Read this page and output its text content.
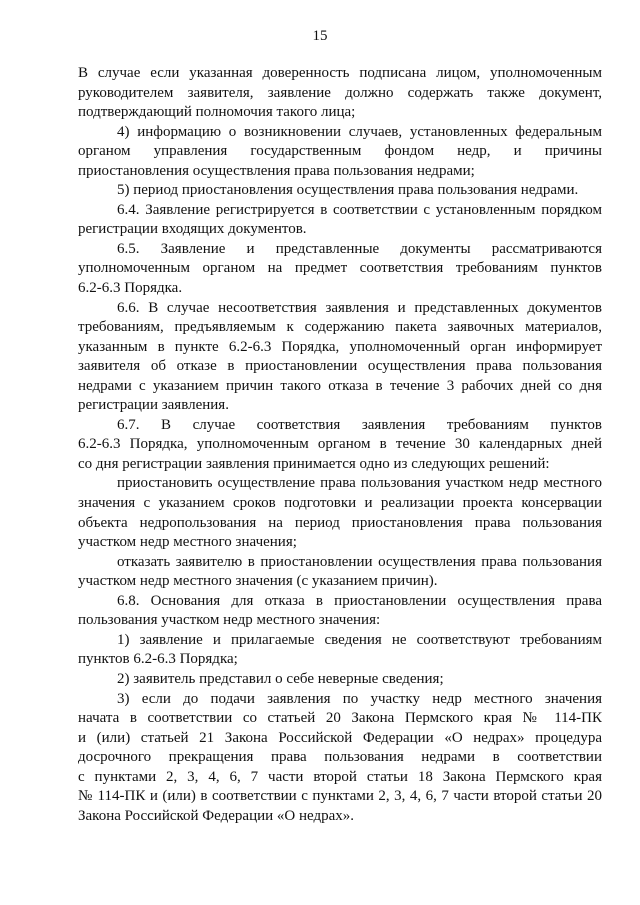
15
В случае если указанная доверенность подписана лицом, уполномоченным
руководителем заявителя, заявление должно содержать также документ,
подтверждающий полномочия такого лица;
4) информацию о возникновении случаев, установленных федеральным
органом управления государственным фондом недр, и причины
приостановления осуществления права пользования недрами;
5) период приостановления осуществления права пользования недрами.
6.4. Заявление регистрируется в соответствии с установленным порядком
регистрации входящих документов.
6.5. Заявление и представленные документы рассматриваются
уполномоченным органом на предмет соответствия требованиям пунктов
6.2-6.3 Порядка.
6.6. В случае несоответствия заявления и представленных документов
требованиям, предъявляемым к содержанию пакета заявочных материалов,
указанным в пункте 6.2-6.3 Порядка, уполномоченный орган информирует
заявителя об отказе в приостановлении осуществления права пользования
недрами с указанием причин такого отказа в течение 3 рабочих дней со дня
регистрации заявления.
6.7. В случае соответствия заявления требованиям пунктов
6.2-6.3 Порядка, уполномоченным органом в течение 30 календарных дней
со дня регистрации заявления принимается одно из следующих решений:
приостановить осуществление права пользования участком недр местного
значения с указанием сроков подготовки и реализации проекта консервации
объекта недропользования на период приостановления права пользования
участком недр местного значения;
отказать заявителю в приостановлении осуществления права пользования
участком недр местного значения (с указанием причин).
6.8. Основания для отказа в приостановлении осуществления права
пользования участком недр местного значения:
1) заявление и прилагаемые сведения не соответствуют требованиям
пунктов 6.2-6.3 Порядка;
2) заявитель представил о себе неверные сведения;
3) если до подачи заявления по участку недр местного значения
начата в соответствии со статьей 20 Закона Пермского края № 114-ПК
и (или) статьей 21 Закона Российской Федерации «О недрах» процедура
досрочного прекращения права пользования недрами в соответствии
с пунктами 2, 3, 4, 6, 7 части второй статьи 18 Закона Пермского края
№ 114-ПК и (или) в соответствии с пунктами 2, 3, 4, 6, 7 части второй статьи 20
Закона Российской Федерации «О недрах».
